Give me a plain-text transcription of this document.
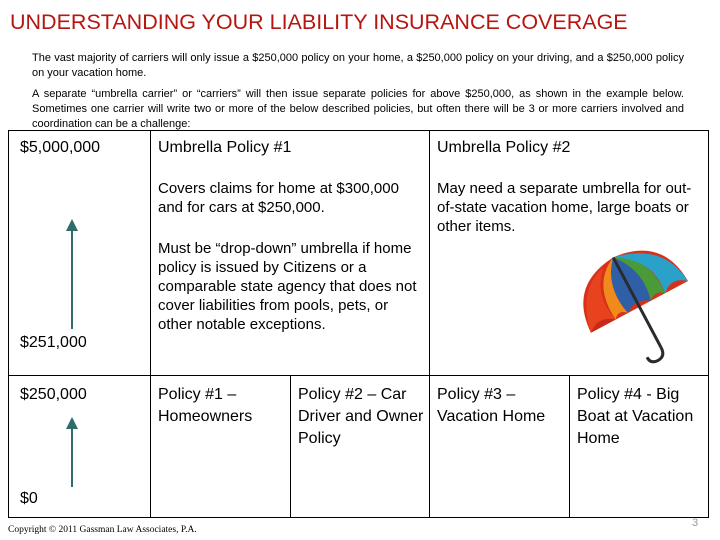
UNDERSTANDING YOUR LIABILITY INSURANCE COVERAGE
The vast majority of carriers will only issue a $250,000 policy on your home, a $250,000 policy on your driving, and a $250,000 policy on your vacation home.
A separate “umbrella carrier” or “carriers” will then issue separate policies for above $250,000, as shown in the example below. Sometimes one carrier will write two or more of the below described policies, but often there will be 3 or more carriers involved and coordination can be a challenge:
$5,000,000
$251,000
$250,000
$0
Umbrella Policy #1
Covers claims for home at $300,000 and for cars at $250,000.
Must be “drop-down” umbrella if home policy is issued by Citizens or a comparable state agency that does not cover liabilities from pools, pets, or other notable exceptions.
Umbrella Policy #2
May need a separate umbrella for out-of-state vacation home, large boats or other items.
Policy #1 – Homeowners
Policy #2 – Car Driver and Owner Policy
Policy #3 – Vacation Home
Policy #4 - Big Boat at Vacation Home
Copyright © 2011 Gassman Law Associates, P.A.
3
